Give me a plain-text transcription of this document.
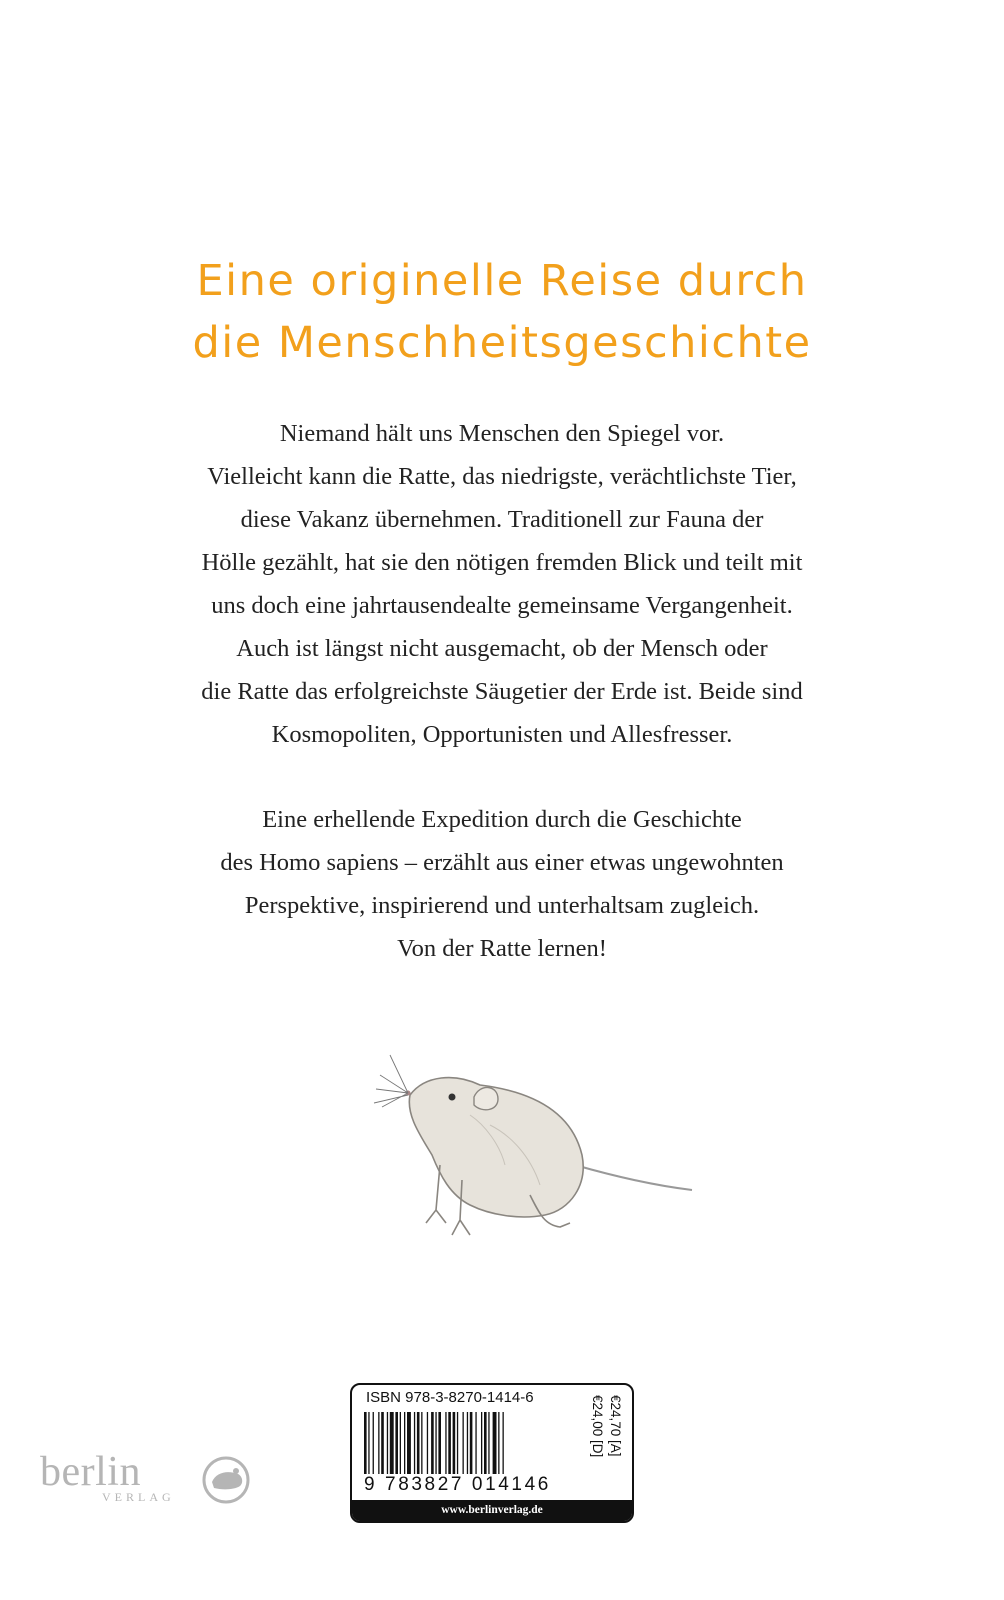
Eine originelle Reise durch
die Menschheitsgeschichte
Niemand hält uns Menschen den Spiegel vor.
Vielleicht kann die Ratte, das niedrigste, verächtlichste Tier,
diese Vakanz übernehmen. Traditionell zur Fauna der
Hölle gezählt, hat sie den nötigen fremden Blick und teilt mit
uns doch eine jahrtausendealte gemeinsame Vergangenheit.
Auch ist längst nicht ausgemacht, ob der Mensch oder
die Ratte das erfolgreichste Säugetier der Erde ist. Beide sind
Kosmopoliten, Opportunisten und Allesfresser.
Eine erhellende Expedition durch die Geschichte
des Homo sapiens – erzählt aus einer etwas ungewohnten
Perspektive, inspirierend und unterhaltsam zugleich.
Von der Ratte lernen!
ISBN 978-3-8270-1414-6
9 783827 014146
€24,00 [D] €24,70 [A]
www.berlinverlag.de
berlin
VERLAG
